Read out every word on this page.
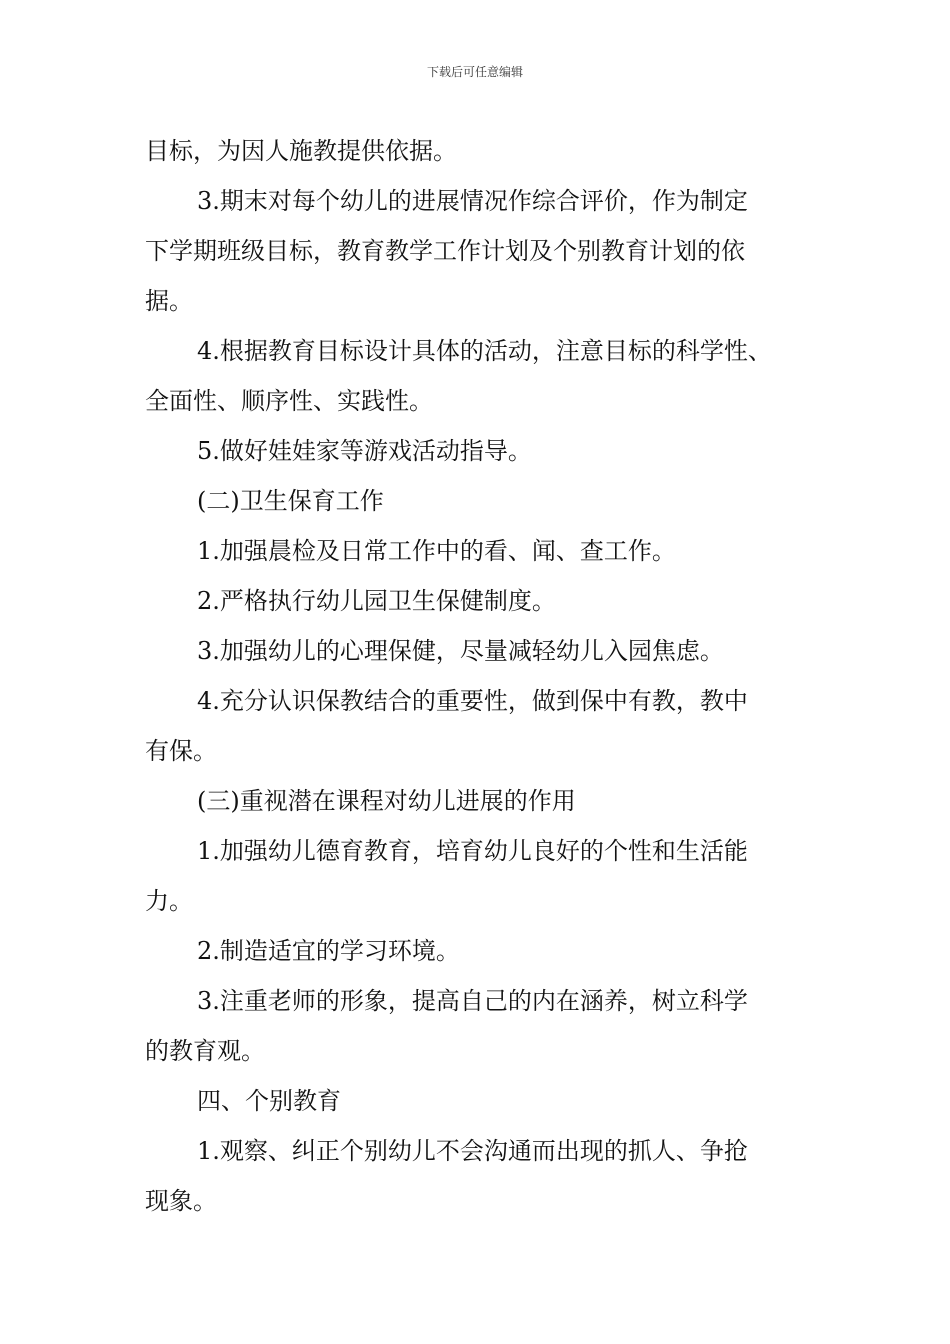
下载后可任意编辑

目标，为因人施教提供依据。

3.期末对每个幼儿的进展情况作综合评价，作为制定

下学期班级目标，教育教学工作计划及个别教育计划的依

据。

4.根据教育目标设计具体的活动，注意目标的科学性、

全面性、顺序性、实践性。

5.做好娃娃家等游戏活动指导。

(二)卫生保育工作

1.加强晨检及日常工作中的看、闻、查工作。

2.严格执行幼儿园卫生保健制度。

3.加强幼儿的心理保健，尽量减轻幼儿入园焦虑。

4.充分认识保教结合的重要性，做到保中有教，教中

有保。

(三)重视潜在课程对幼儿进展的作用

1.加强幼儿德育教育，培育幼儿良好的个性和生活能

力。

2.制造适宜的学习环境。

3.注重老师的形象，提高自己的内在涵养，树立科学

的教育观。

四、个别教育

1.观察、纠正个别幼儿不会沟通而出现的抓人、争抢

现象。
